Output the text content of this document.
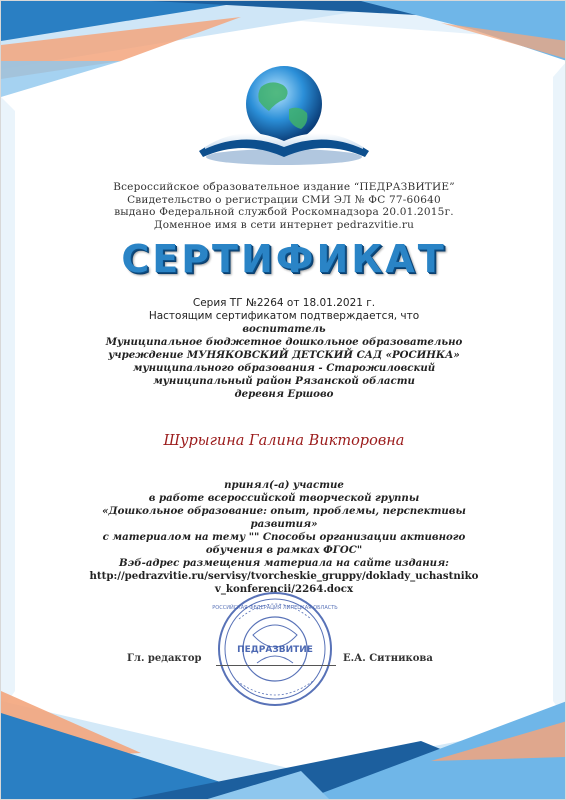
Всероссийское образовательное издание “ПЕДРАЗВИТИЕ”
Свидетельство о регистрации СМИ ЭЛ № ФС 77-60640
выдано Федеральной службой Роскомнадзора 20.01.2015г.
Доменное имя в сети интернет pedrazvitie.ru
СЕРТИФИКАТ
Серия ТГ №2264 от 18.01.2021 г.
Настоящим сертификатом подтверждается, что
воспитатель
Муниципальное бюджетное дошкольное образовательно
учреждение МУНЯКОВСКИЙ ДЕТСКИЙ САД «РОСИНКА»
муниципального образования - Старожиловский
муниципальный район Рязанской области
деревня Ершово
Шурыгина Галина Викторовна
принял(-а) участие
в работе всероссийской творческой группы
«Дошкольное образование: опыт, проблемы, перспективы
развития»
с материалом на тему "" Способы организации активного
обучения в рамках ФГОС"
Вэб-адрес размещения материала на сайте издания:
http://pedrazvitie.ru/servisy/tvorcheskie_gruppy/doklady_uchastniko
v_konferencii/2264.docx
ПЕДРАЗВИТИЕ
РОССИЙСКАЯ ФЕДЕРАЦИЯ ЛИПЕЦКАЯ ОБЛАСТЬ
Гл. редактор	Е.А. Ситникова
